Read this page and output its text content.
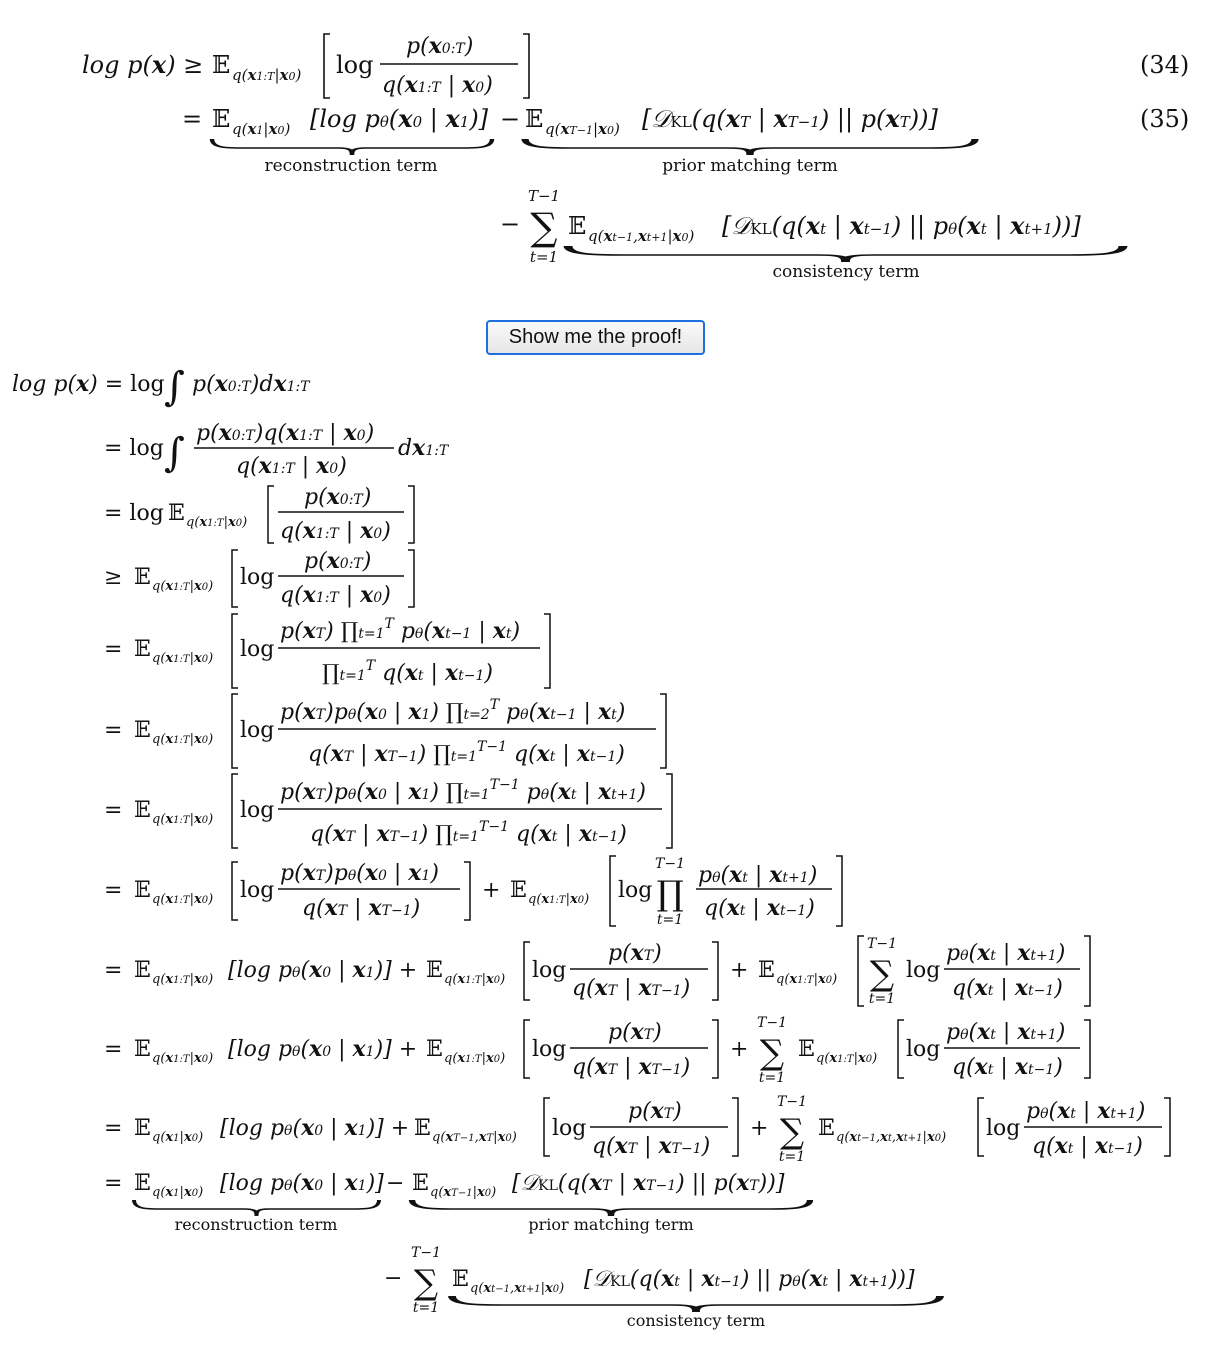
Show me the proof!
log p(x) ≥ 𝔼 q(x1:T|x0) log
p(x0:T)
q(x1:T | x0)
(34)
= 𝔼 q(x1|x0) [log pθ(x0 | x1)] − 𝔼 q(xT−1|x0) [𝒟KL(q(xT | xT−1) || p(xT))]	(35)
reconstruction term	prior matching term
T−1
− ∑
t=1
𝔼 q(xt−1,xt+1|x0) [𝒟KL(q(xt | xt−1) || pθ(xt | xt+1))]
consistency term
log p(x) = log ∫ p(x0:T)dx1:T
= log ∫ p(x0:T)q(x1:T | x0)
q(x1:T | x0)
dx1:T
= log 𝔼 q(x1:T|x0)
p(x0:T)
q(x1:T | x0)
≥ 𝔼 q(x1:T|x0) log
p(x0:T)
q(x1:T | x0)
= 𝔼 q(x1:T|x0) log
p(xT) $\prod t=1^T$ pθ(xt−1 | xt)
$\prod t=1^T$ q(xt | xt−1)
= 𝔼 q(x1:T|x0) log
p(xT)pθ(x0 | x1) $\prod t=2^T$ pθ(xt−1 | xt)
q(xT | xT−1) $\prod t=1^{T-1}$ q(xt | xt−1)
= 𝔼 q(x1:T|x0) log
p(xT)pθ(x0 | x1) $\prod t=1^{T-1}$ pθ(xt | xt+1)
q(xT | xT−1) $\prod t=1^{T-1}$ q(xt | xt−1)
= 𝔼 q(x1:T|x0) log
p(xT)pθ(x0 | x1)
q(xT | xT−1)
+ 𝔼 q(x1:T|x0) log
T−1
∏
t=1
pθ(xt | xt+1)
q(xt | xt−1)
= 𝔼 q(x1:T|x0) [log pθ(x0 | x1)] + 𝔼 q(x1:T|x0) log
p(xT)
q(xT | xT−1)
+ 𝔼 q(x1:T|x0)
T−1
∑
t=1
log
pθ(xt | xt+1)
q(xt | xt−1)
= 𝔼 q(x1:T|x0) [log pθ(x0 | x1)] + 𝔼 q(x1:T|x0) log
p(xT)
q(xT | xT−1)
+
T−1
∑
t=1
𝔼 q(x1:T|x0) log
pθ(xt | xt+1)
q(xt | xt−1)
= 𝔼 q(x1|x0) [log pθ(x0 | x1)] + 𝔼 q(xT−1,xT|x0) log
p(xT)
q(xT | xT−1)
+
T−1
∑
t=1
𝔼 q(xt−1,xt,xt+1|x0) log
pθ(xt | xt+1)
q(xt | xt−1)
= 𝔼 q(x1|x0) [log pθ(x0 | x1)] − 𝔼 q(xT−1|x0) [𝒟KL(q(xT | xT−1) || p(xT))]
reconstruction term	prior matching term
T−1
− ∑
t=1
𝔼 q(xt−1,xt+1|x0) [𝒟KL(q(xt | xt−1) || pθ(xt | xt+1))]
consistency term
